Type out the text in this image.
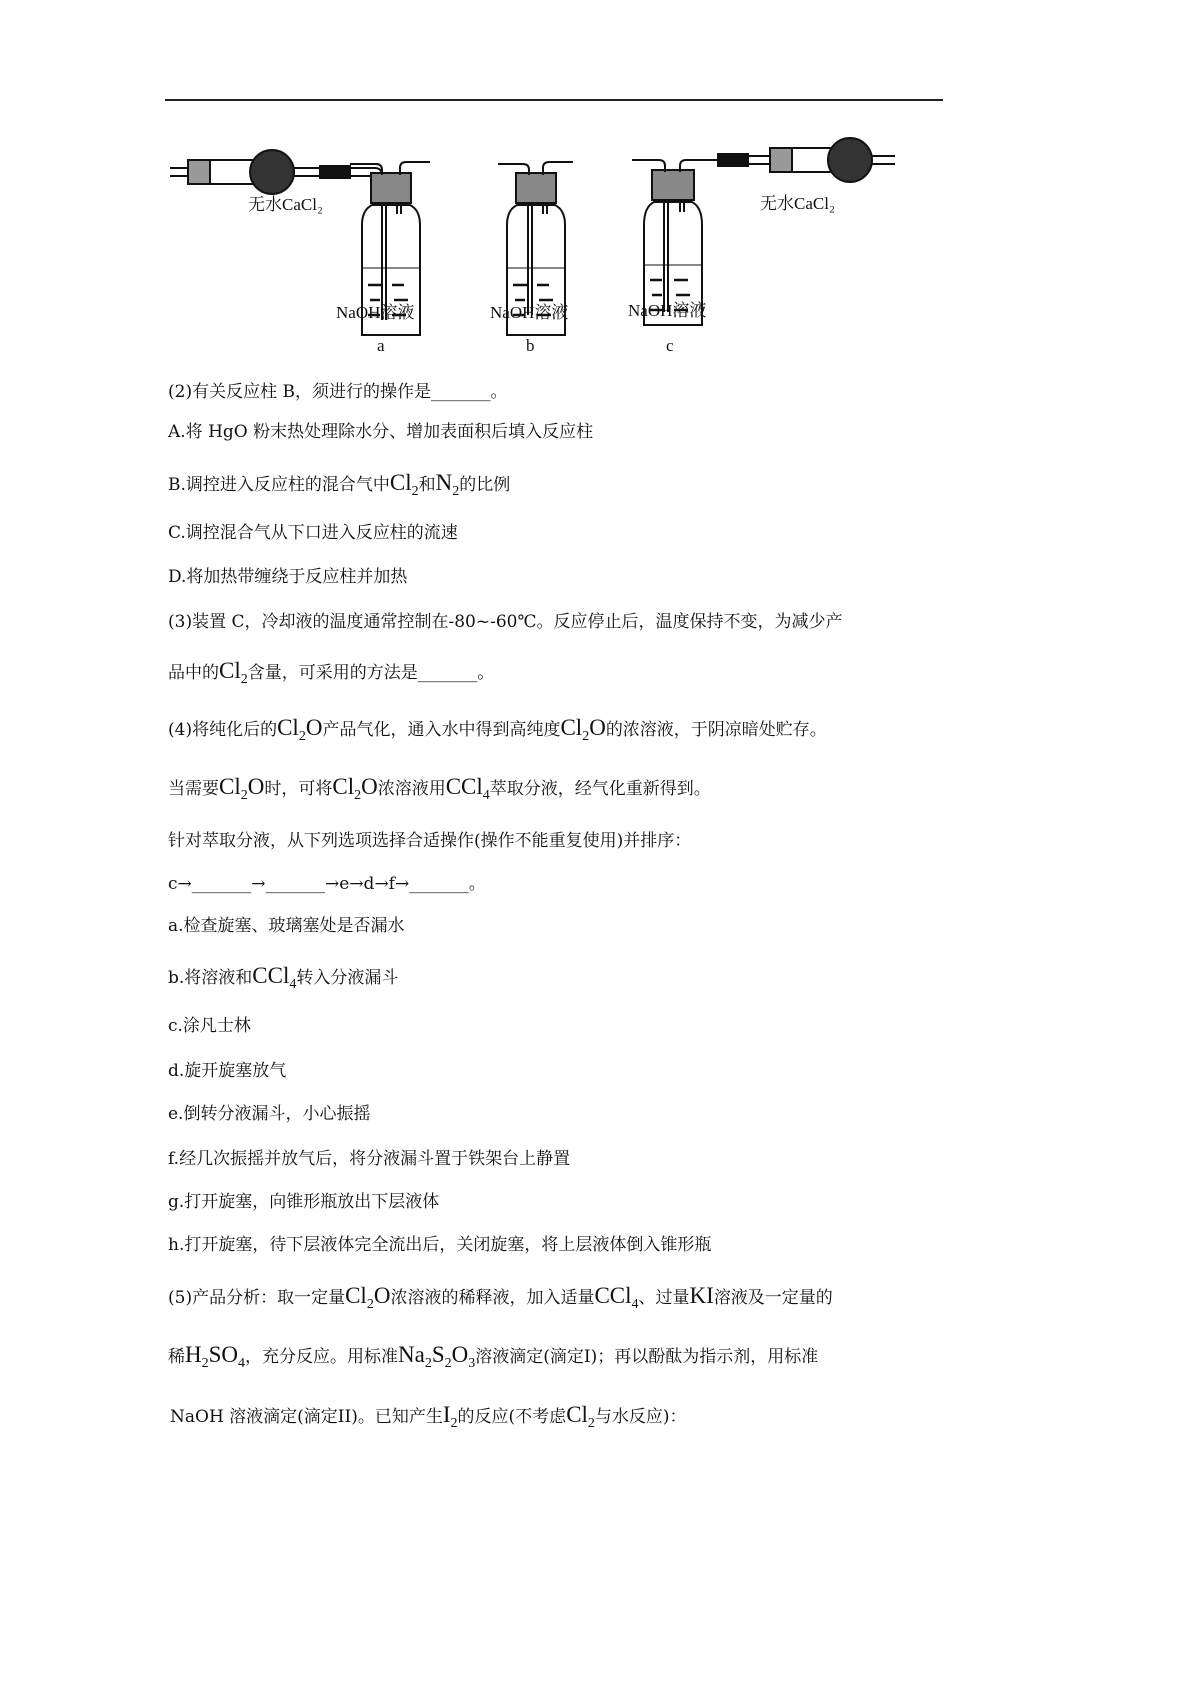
无水CaCl₂	无水CaCl₂
NaOH溶液	NaOH溶液	NaOH溶液
a	b	c
(2)有关反应柱 B，须进行的操作是_______。
A.将 HgO 粉末热处理除水分、增加表面积后填入反应柱
B.调控进入反应柱的混合气中$Cl_2$和$N_2$的比例
C.调控混合气从下口进入反应柱的流速
D.将加热带缠绕于反应柱并加热
(3)装置 C，冷却液的温度通常控制在-80~-60℃。反应停止后，温度保持不变，为减少产
品中的$Cl_2$含量，可采用的方法是_______。
(4)将纯化后的$Cl_2O$产品气化，通入水中得到高纯度$Cl_2O$的浓溶液，于阴凉暗处贮存。
当需要$Cl_2O$时，可将$Cl_2O$浓溶液用CCl$_4$萃取分液，经气化重新得到。
针对萃取分液，从下列选项选择合适操作(操作不能重复使用)并排序：
c→_______→_______→e→d→f→_______。
a.检查旋塞、玻璃塞处是否漏水
b.将溶液和CCl$_4$转入分液漏斗
c.涂凡士林
d.旋开旋塞放气
e.倒转分液漏斗，小心振摇
f.经几次振摇并放气后，将分液漏斗置于铁架台上静置
g.打开旋塞，向锥形瓶放出下层液体
h.打开旋塞，待下层液体完全流出后，关闭旋塞，将上层液体倒入锥形瓶
(5)产品分析：取一定量$Cl_2O$浓溶液的稀释液，加入适量CCl$_4$、过量KI溶液及一定量的
稀$H_2SO_4$，充分反应。用标准$Na_2S_2O_3$溶液滴定(滴定I)；再以酚酞为指示剂，用标准
NaOH 溶液滴定(滴定II)。已知产生$I_2$的反应(不考虑$Cl_2$与水反应)：
